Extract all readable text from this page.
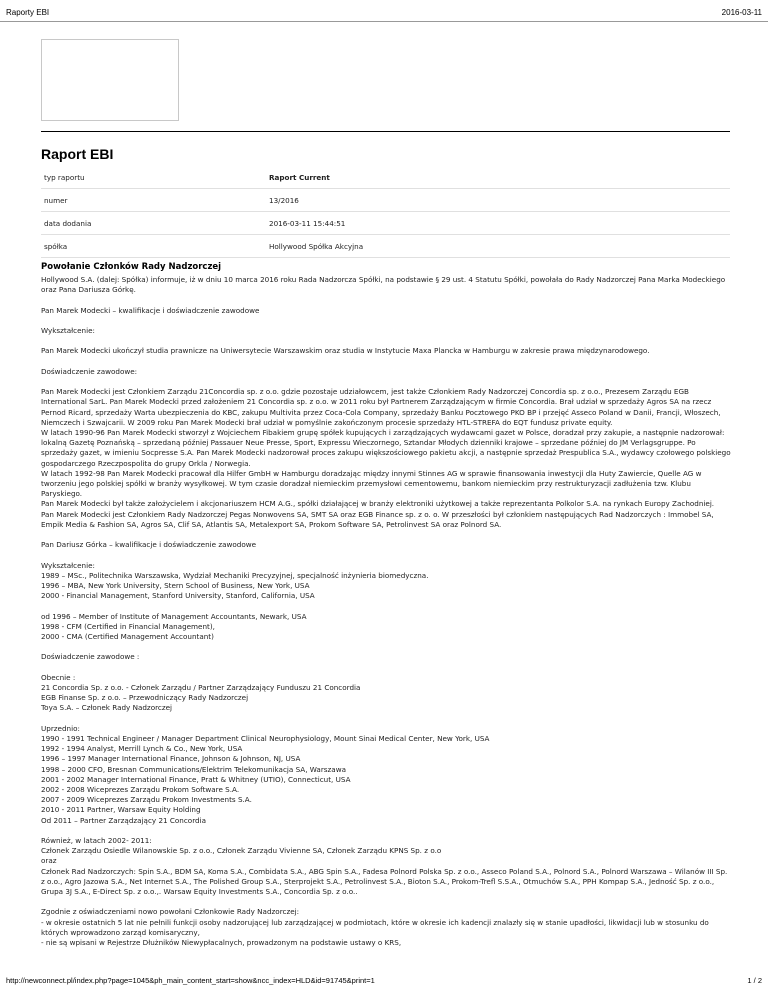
Raporty EBI	2016-03-11
Raport EBI
typ raportu	Raport Current
numer	13/2016
data dodania	2016-03-11 15:44:51
spółka	Hollywood Spółka Akcyjna
Powołanie Członków Rady Nadzorczej

Hollywood S.A. (dalej: Spółka) informuje, iż w dniu 10 marca 2016 roku Rada Nadzorcza Spółki, na podstawie § 29 ust. 4 Statutu Spółki, powołała do Rady Nadzorczej Pana Marka Modeckiego oraz Pana Dariusza Górkę.

Pan Marek Modecki – kwalifikacje i doświadczenie zawodowe

Wykształcenie:

Pan Marek Modecki ukończył studia prawnicze na Uniwersytecie Warszawskim oraz studia w Instytucie Maxa Plancka w Hamburgu w zakresie prawa międzynarodowego.

Doświadczenie zawodowe:

Pan Marek Modecki jest Członkiem Zarządu 21Concordia sp. z o.o. gdzie pozostaje udziałowcem, jest także Członkiem Rady Nadzorczej Concordia sp. z o.o., Prezesem Zarządu EGB International SarL. Pan Marek Modecki przed założeniem 21 Concordia sp. z o.o. w 2011 roku był Partnerem Zarządzającym w firmie Concordia. Brał udział w sprzedaży Agros SA na rzecz Pernod Ricard, sprzedaży Warta ubezpieczenia do KBC, zakupu Multivita przez Coca-Cola Company, sprzedaży Banku Pocztowego PKO BP i przejęć Asseco Poland w Danii, Francji, Włoszech, Niemczech i Szwajcarii. W 2009 roku Pan Marek Modecki brał udział w pomyślnie zakończonym procesie sprzedaży HTL-STREFA do EQT fundusz private equity.
W latach 1990-96 Pan Marek Modecki stworzył z Wojciechem Fibakiem grupę spółek kupujących i zarządzających wydawcami gazet w Polsce, doradzał przy zakupie, a następnie nadzorował: lokalną Gazetę Poznańską – sprzedaną później Passauer Neue Presse, Sport, Expressu Wieczornego, Sztandar Młodych dzienniki krajowe – sprzedane później do JM Verlagsgruppe. Po sprzedaży gazet, w imieniu Socpresse S.A. Pan Marek Modecki nadzorował proces zakupu większościowego pakietu akcji, a następnie sprzedaż Prespublica S.A., wydawcy czołowego polskiego gospodarczego Rzeczpospolita do grupy Orkla / Norwegia.
W latach 1992-98 Pan Marek Modecki pracował dla Hilfer GmbH w Hamburgu doradzając między innymi Stinnes AG w sprawie finansowania inwestycji dla Huty Zawiercie, Quelle AG w tworzeniu jego polskiej spółki w branży wysyłkowej. W tym czasie doradzał niemieckim przemysłowi cementowemu, bankom niemieckim przy restrukturyzacji zadłużenia tzw. Klubu Paryskiego.
Pan Marek Modecki był także założycielem i akcjonariuszem HCM A.G., spółki działającej w branży elektroniki użytkowej a także reprezentanta Polkolor S.A. na rynkach Europy Zachodniej.
Pan Marek Modecki jest Członkiem Rady Nadzorczej Pegas Nonwovens SA, SMT SA oraz EGB Finance sp. z o. o. W przeszłości był członkiem następujących Rad Nadzorczych : Immobel SA, Empik Media & Fashion SA, Agros SA, Clif SA, Atlantis SA, Metalexport SA, Prokom Software SA, Petrolinvest SA oraz Polnord SA.

Pan Dariusz Górka – kwalifikacje i doświadczenie zawodowe

Wykształcenie:
1989 – MSc., Politechnika Warszawska, Wydział Mechaniki Precyzyjnej, specjalność inżynieria biomedyczna.
1996 – MBA, New York University, Stern School of Business, New York, USA
2000 - Financial Management, Stanford University, Stanford, California, USA

od 1996 – Member of Institute of Management Accountants, Newark, USA
1998 - CFM (Certified in Financial Management),
2000 - CMA (Certified Management Accountant)

Doświadczenie zawodowe :

Obecnie :
21 Concordia Sp. z o.o. - Członek Zarządu / Partner Zarządzający Funduszu 21 Concordia
EGB Finanse Sp. z o.o. – Przewodniczący Rady Nadzorczej
Toya S.A. – Członek Rady Nadzorczej

Uprzednio:
1990 - 1991 Technical Engineer / Manager Department Clinical Neurophysiology, Mount Sinai Medical Center, New York, USA
1992 - 1994 Analyst, Merrill Lynch & Co., New York, USA
1996 – 1997 Manager International Finance, Johnson & Johnson, NJ, USA
1998 – 2000 CFO, Bresnan Communications/Elektrim Telekomunikacja SA, Warszawa
2001 - 2002 Manager International Finance, Pratt & Whitney (UTIO), Connecticut, USA
2002 - 2008 Wiceprezes Zarządu Prokom Software S.A.
2007 - 2009 Wiceprezes Zarządu Prokom Investments S.A.
2010 - 2011 Partner, Warsaw Equity Holding
Od 2011 – Partner Zarządzający 21 Concordia

Również, w latach 2002- 2011:
Członek Zarządu Osiedle Wilanowskie Sp. z o.o., Członek Zarządu Vivienne SA, Członek Zarządu KPNS Sp. z o.o
oraz
Członek Rad Nadzorczych: Spin S.A., BDM SA, Koma S.A., Combidata S.A., ABG Spin S.A., Fadesa Polnord Polska Sp. z o.o., Asseco Poland S.A., Polnord S.A., Polnord Warszawa – Wilanów III Sp. z o.o., Agro Jazowa S.A., Net Internet S.A., The Polished Group S.A., Sterprojekt S.A., Petrolinvest S.A., Bioton S.A., Prokom-Trefl S.S.A., Otmuchów S.A., PPH Kompap S.A., Jedność Sp. z o.o., Grupa 3J S.A., E-Direct Sp. z o.o.,. Warsaw Equity Investments S.A., Concordia Sp. z o.o..

Zgodnie z oświadczeniami nowo powołani Członkowie Rady Nadzorczej:
- w okresie ostatnich 5 lat nie pełnili funkcji osoby nadzorującej lub zarządzającej w podmiotach, które w okresie ich kadencji znalazły się w stanie upadłości, likwidacji lub w stosunku do których wprowadzono zarząd komisaryczny,
- nie są wpisani w Rejestrze Dłużników Niewypłacalnych, prowadzonym na podstawie ustawy o KRS,

http://newconnect.pl/index.php?page=1045&ph_main_content_start=show&ncc_index=HLD&id=91745&print=1	1 / 2
